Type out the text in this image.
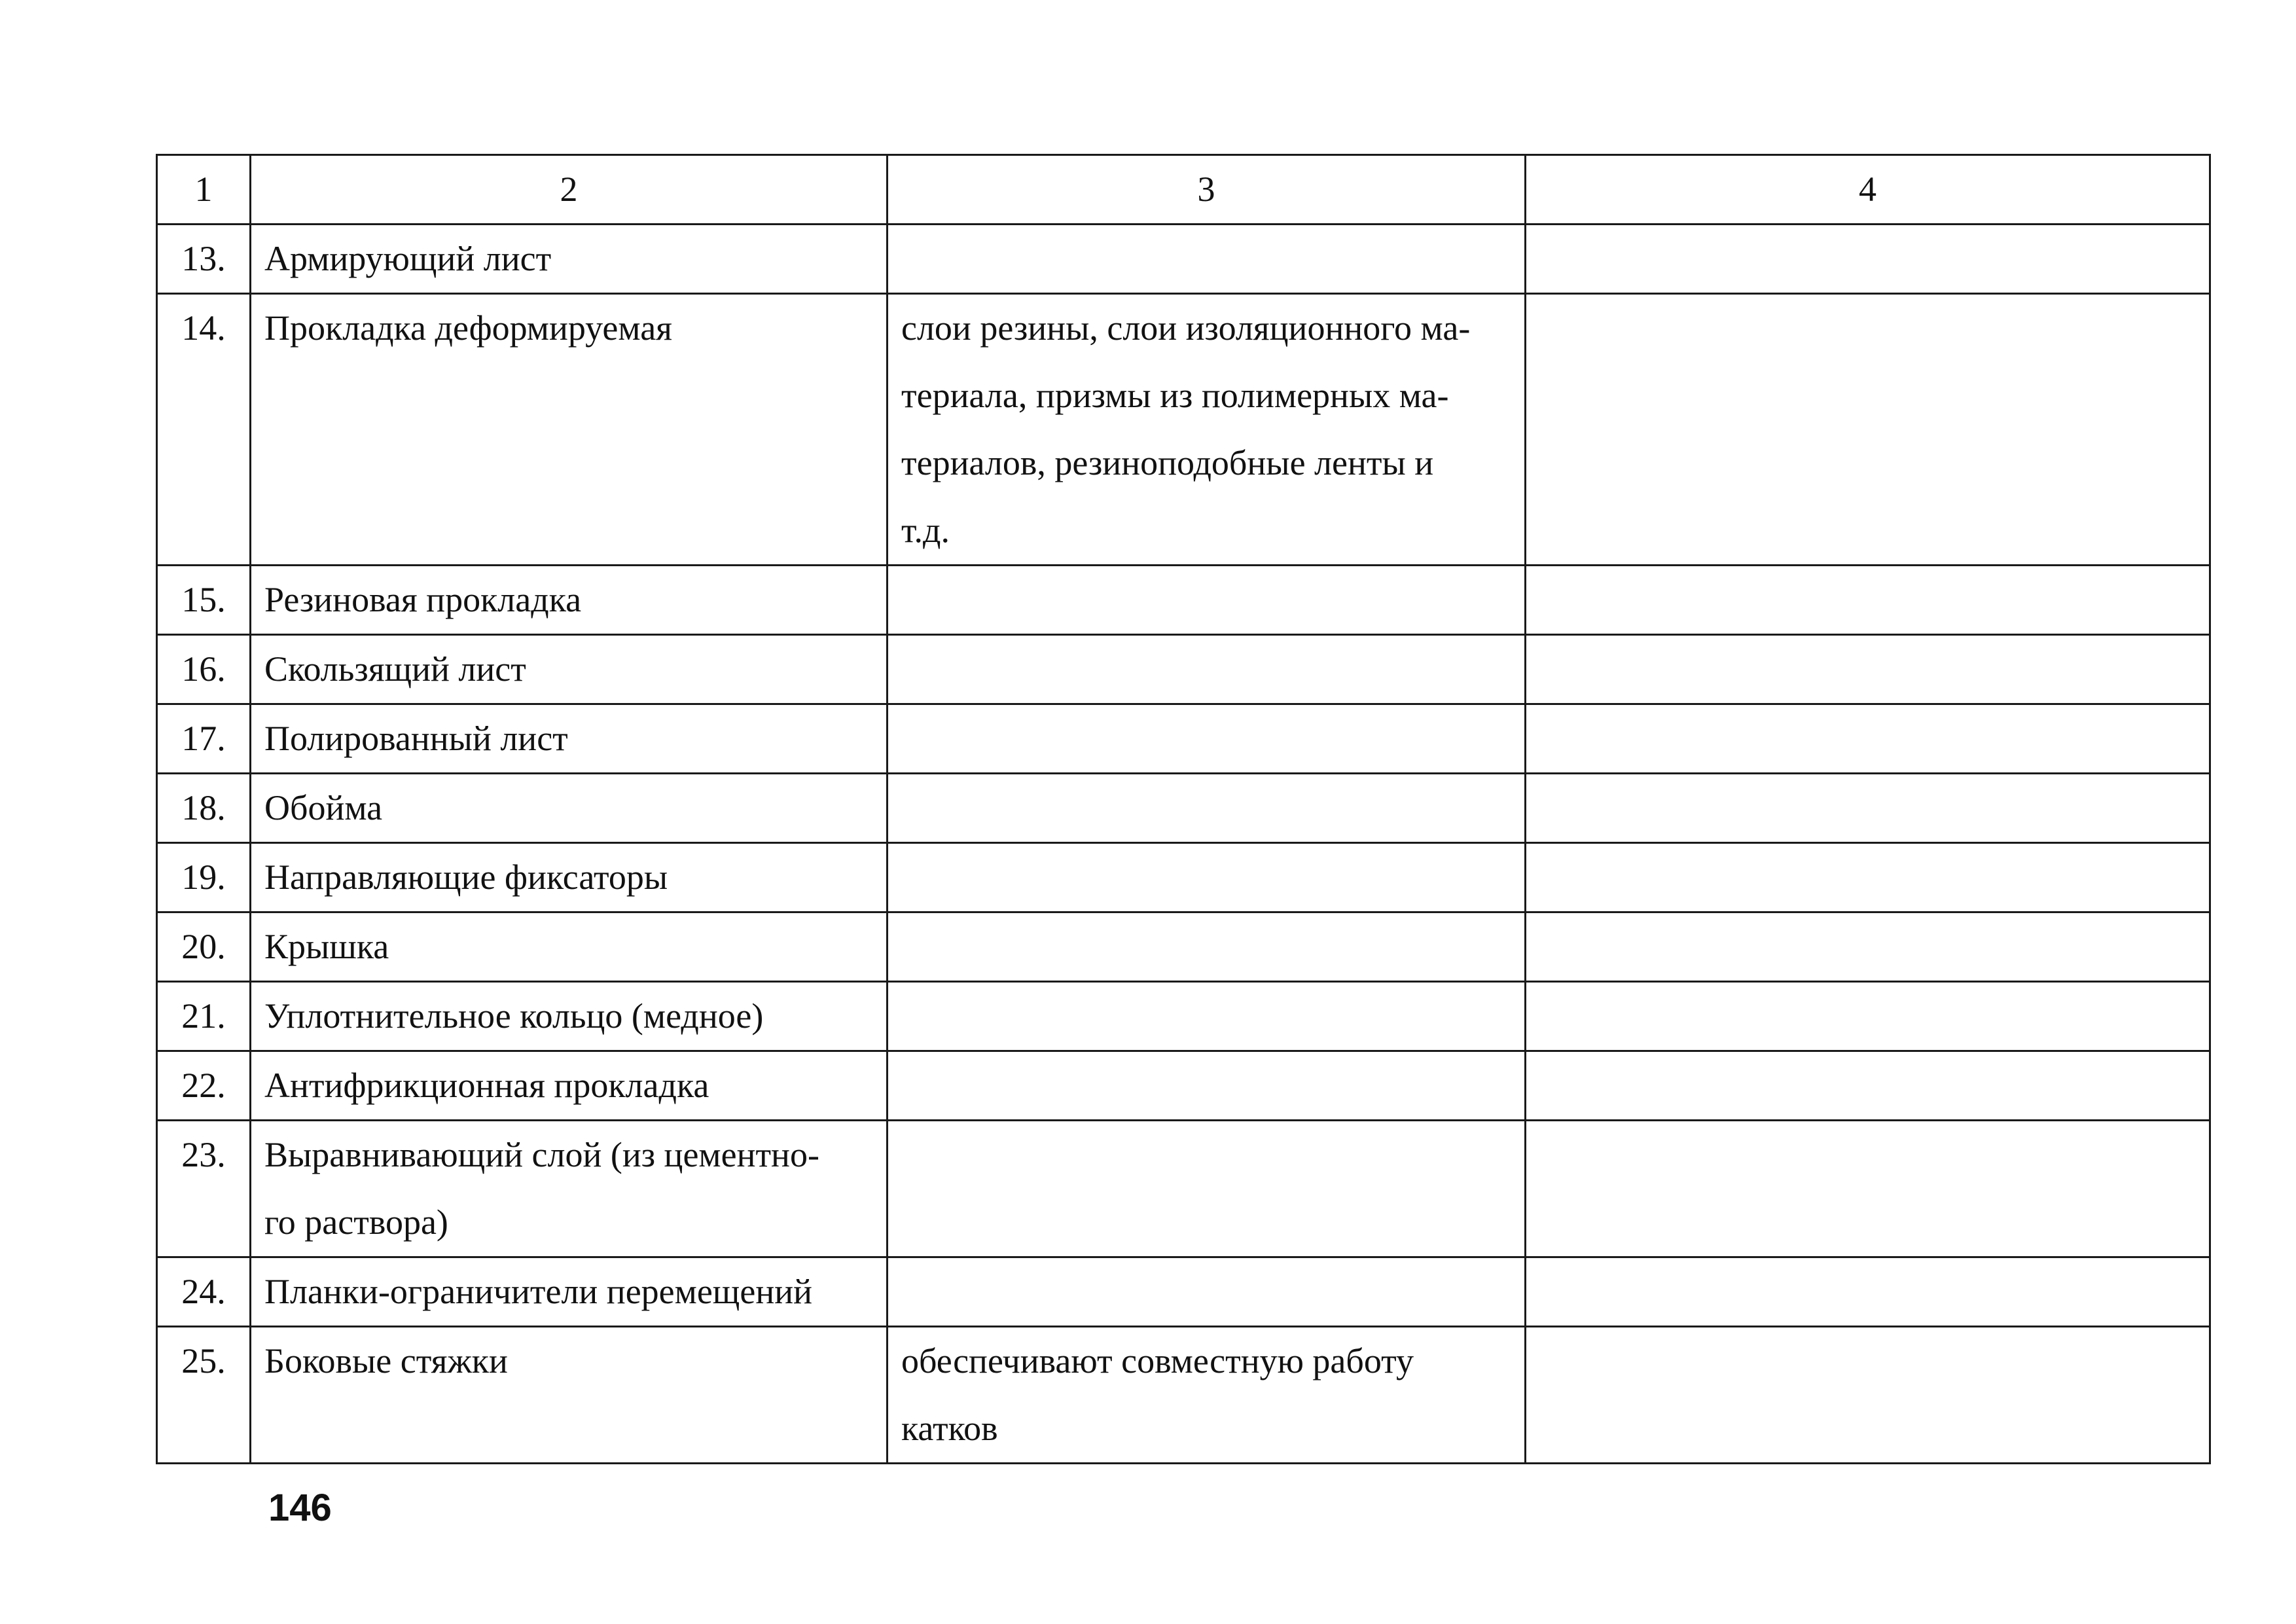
1	2	3	4
13.	Армирующий лист		
14.	Прокладка деформируемая	слои резины, слои изоляционного ма-
териала, призмы из полимерных ма-
териалов, резиноподобные ленты и
т.д.	
15.	Резиновая прокладка		
16.	Скользящий лист		
17.	Полированный лист		
18.	Обойма		
19.	Направляющие фиксаторы		
20.	Крышка		
21.	Уплотнительное кольцо (медное)		
22.	Антифрикционная прокладка		
23.	Выравнивающий слой (из цементно-
го раствора)		
24.	Планки-ограничители перемещений		
25.	Боковые стяжки	обеспечивают совместную работу
катков	
146
